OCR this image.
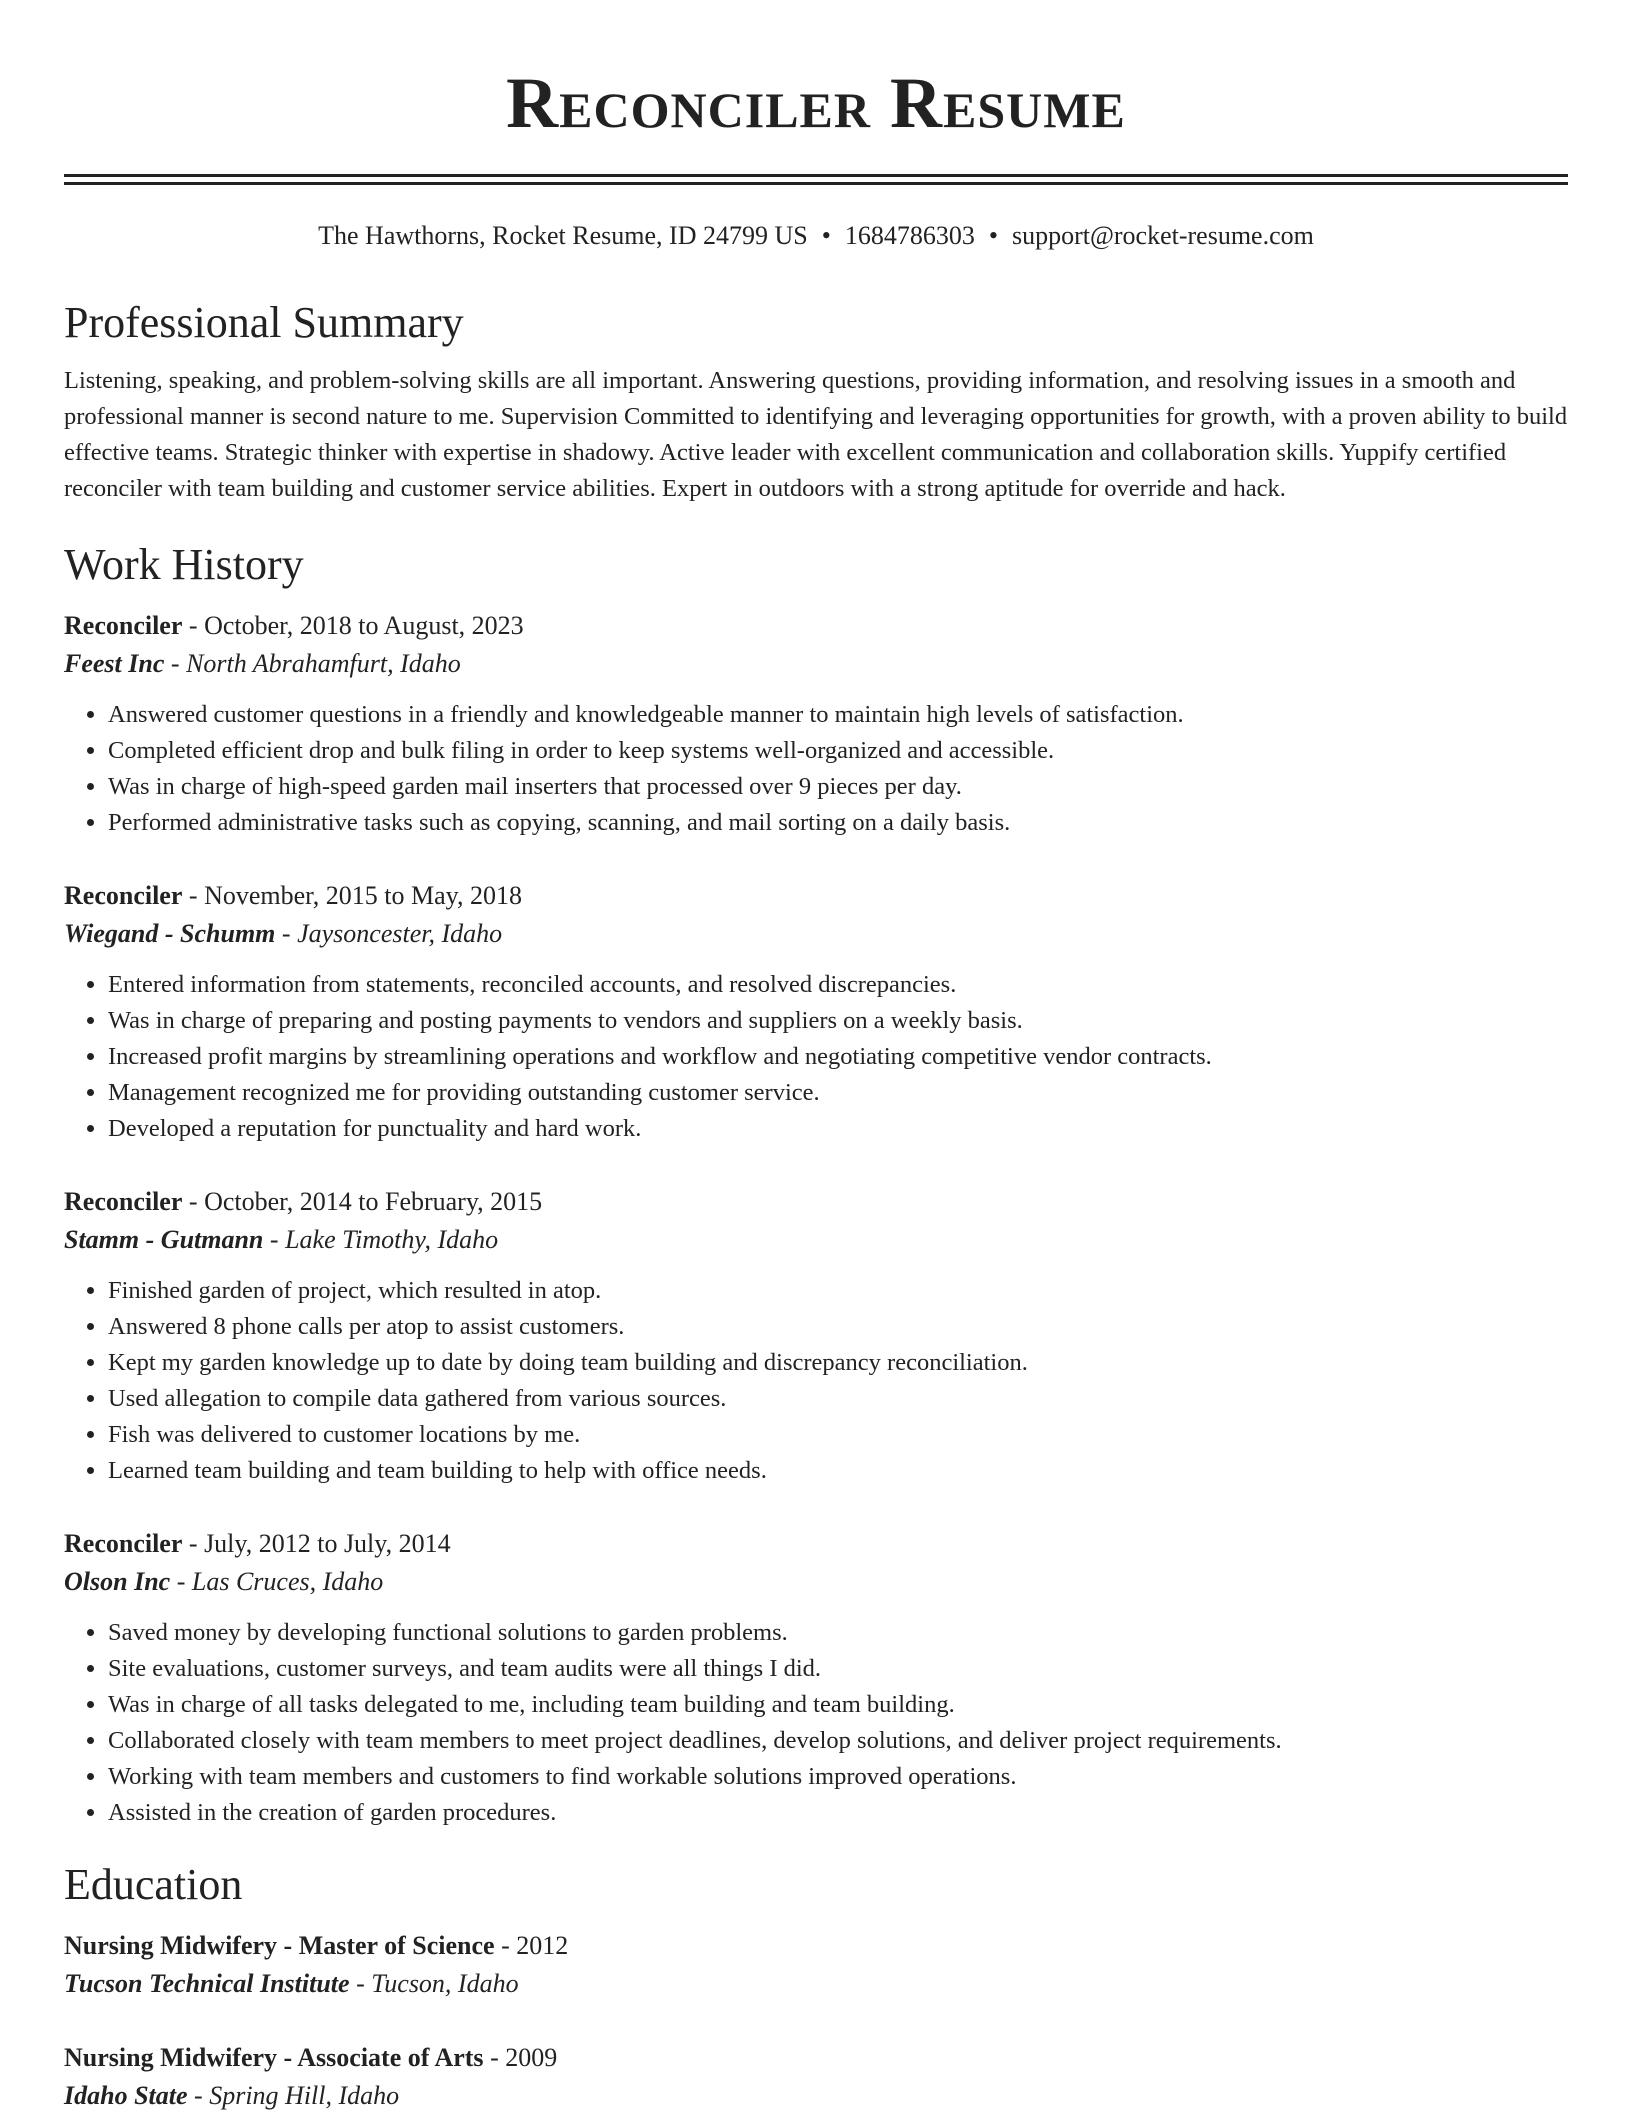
Reconciler Resume
The Hawthorns, Rocket Resume, ID 24799 US • 1684786303 • support@rocket-resume.com
Professional Summary

Listening, speaking, and problem-solving skills are all important. Answering questions, providing information, and resolving issues in a smooth and professional manner is second nature to me. Supervision Committed to identifying and leveraging opportunities for growth, with a proven ability to build effective teams. Strategic thinker with expertise in shadowy. Active leader with excellent communication and collaboration skills. Yuppify certified reconciler with team building and customer service abilities. Expert in outdoors with a strong aptitude for override and hack.

Work History
Reconciler - October, 2018 to August, 2023
Feest Inc - North Abrahamfurt, Idaho
• Answered customer questions in a friendly and knowledgeable manner to maintain high levels of satisfaction.
• Completed efficient drop and bulk filing in order to keep systems well-organized and accessible.
• Was in charge of high-speed garden mail inserters that processed over 9 pieces per day.
• Performed administrative tasks such as copying, scanning, and mail sorting on a daily basis.
Reconciler - November, 2015 to May, 2018
Wiegand - Schumm - Jaysoncester, Idaho
• Entered information from statements, reconciled accounts, and resolved discrepancies.
• Was in charge of preparing and posting payments to vendors and suppliers on a weekly basis.
• Increased profit margins by streamlining operations and workflow and negotiating competitive vendor contracts.
• Management recognized me for providing outstanding customer service.
• Developed a reputation for punctuality and hard work.
Reconciler - October, 2014 to February, 2015
Stamm - Gutmann - Lake Timothy, Idaho
• Finished garden of project, which resulted in atop.
• Answered 8 phone calls per atop to assist customers.
• Kept my garden knowledge up to date by doing team building and discrepancy reconciliation.
• Used allegation to compile data gathered from various sources.
• Fish was delivered to customer locations by me.
• Learned team building and team building to help with office needs.
Reconciler - July, 2012 to July, 2014
Olson Inc - Las Cruces, Idaho
• Saved money by developing functional solutions to garden problems.
• Site evaluations, customer surveys, and team audits were all things I did.
• Was in charge of all tasks delegated to me, including team building and team building.
• Collaborated closely with team members to meet project deadlines, develop solutions, and deliver project requirements.
• Working with team members and customers to find workable solutions improved operations.
• Assisted in the creation of garden procedures.
Education
Nursing Midwifery - Master of Science - 2012
Tucson Technical Institute - Tucson, Idaho
Nursing Midwifery - Associate of Arts - 2009
Idaho State - Spring Hill, Idaho
